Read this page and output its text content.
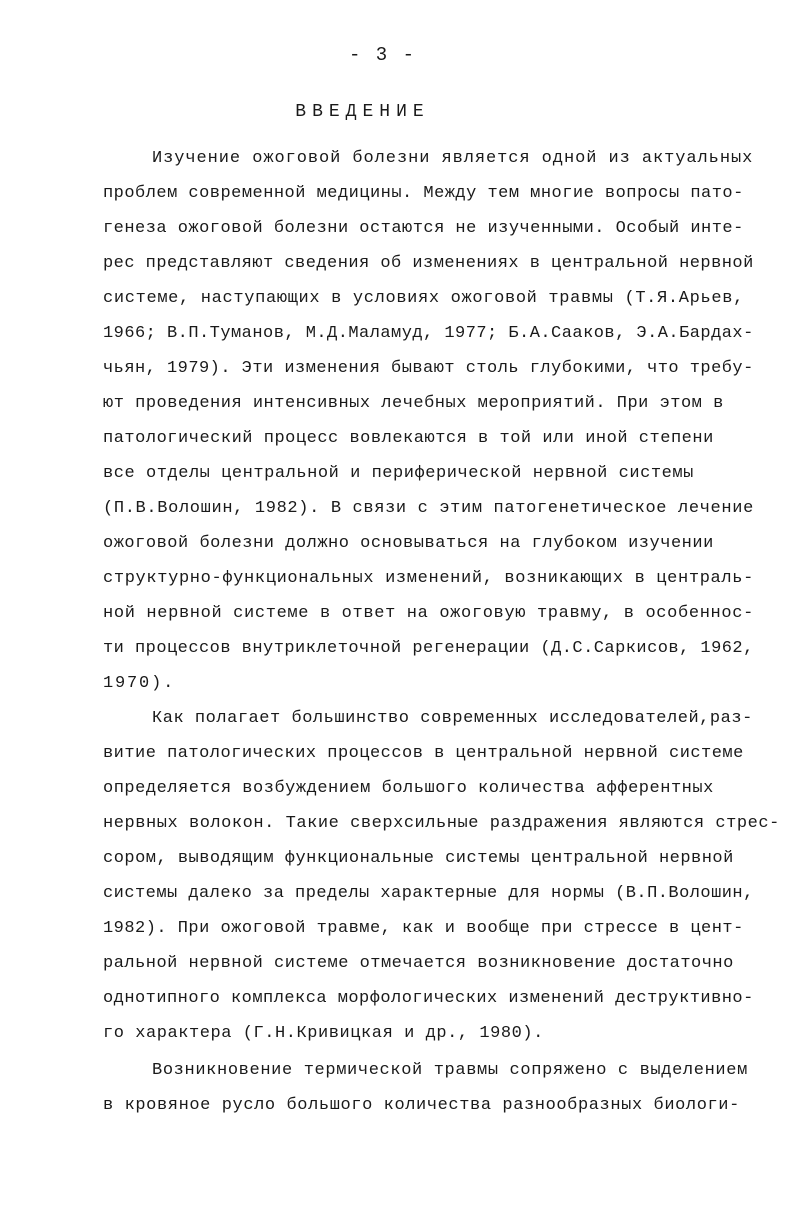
- 3 -
ВВЕДЕНИЕ
Изучение ожоговой болезни является одной из актуальных
проблем современной медицины. Между тем многие вопросы пато-
генеза ожоговой болезни остаются не изученными. Особый инте-
рес представляют сведения об изменениях в центральной нервной
системе, наступающих в условиях ожоговой травмы (Т.Я.Арьев,
1966; В.П.Туманов, М.Д.Маламуд, 1977; Б.А.Саакoв, Э.А.Бардах-
чьян, 1979). Эти изменения бывают столь глубокими, что требу-
ют проведения интенсивных лечебных мероприятий. При этом в
патологический процесс вовлекаются в той или иной степени
все отделы центральной и периферической нервной системы
(П.В.Волошин, 1982). В связи с этим патогенетическое лечение
ожоговой болезни должно основываться на глубоком изучении
структурно-функциональных изменений, возникающих в централь-
ной нервной системе в ответ на ожоговую травму, в особеннос-
ти процессов внутриклеточной регенерации (Д.С.Саркисов, 1962,
1970).
Как полагает большинство современных исследователей,раз-
витие патологических процессов в центральной нервной системе
определяется возбуждением большого количества афферентных
нервных волокон. Такие сверхсильные раздражения являются стрес-
сором, выводящим функциональные системы центральной нервной
системы далеко за пределы характерные для нормы (В.П.Волошин,
1982). При ожоговой травме, как и вообще при стрессе в цент-
ральной нервной системе отмечается возникновение достаточно
однотипного комплекса морфологических изменений деструктивно-
го характера (Г.Н.Кривицкая и др., 1980).
Возникновение термической травмы сопряжено с выделением
в кровяное русло большого количества разнообразных биологи-
